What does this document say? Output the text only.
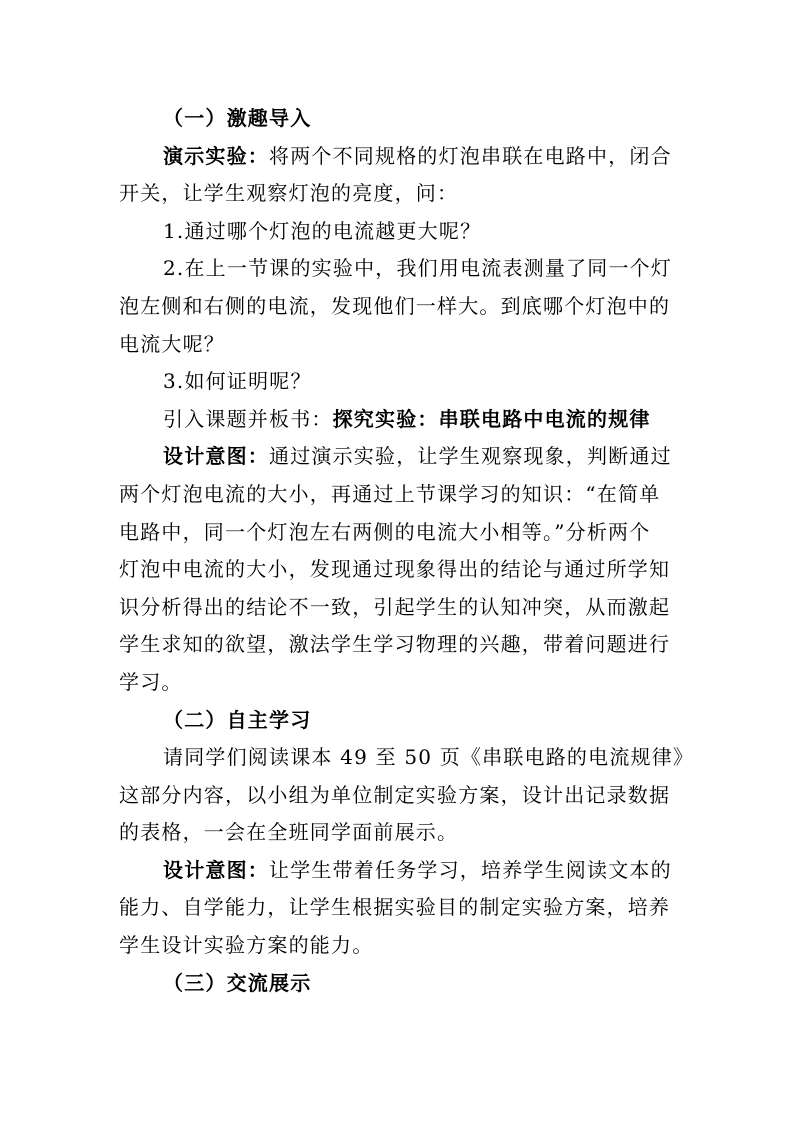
（一）激趣导入
演示实验：将两个不同规格的灯泡串联在电路中，闭合
开关，让学生观察灯泡的亮度，问：
1.通过哪个灯泡的电流越更大呢？
2.在上一节课的实验中，我们用电流表测量了同一个灯
泡左侧和右侧的电流，发现他们一样大。到底哪个灯泡中的
电流大呢？
3.如何证明呢？
引入课题并板书：探究实验：串联电路中电流的规律
设计意图：通过演示实验，让学生观察现象，判断通过
两个灯泡电流的大小，再通过上节课学习的知识：“在简单
电路中，同一个灯泡左右两侧的电流大小相等。”分析两个
灯泡中电流的大小，发现通过现象得出的结论与通过所学知
识分析得出的结论不一致，引起学生的认知冲突，从而激起
学生求知的欲望，激法学生学习物理的兴趣，带着问题进行
学习。
（二）自主学习
请同学们阅读课本 49 至 50 页《串联电路的电流规律》
这部分内容，以小组为单位制定实验方案，设计出记录数据
的表格，一会在全班同学面前展示。
设计意图：让学生带着任务学习，培养学生阅读文本的
能力、自学能力，让学生根据实验目的制定实验方案，培养
学生设计实验方案的能力。
（三）交流展示
